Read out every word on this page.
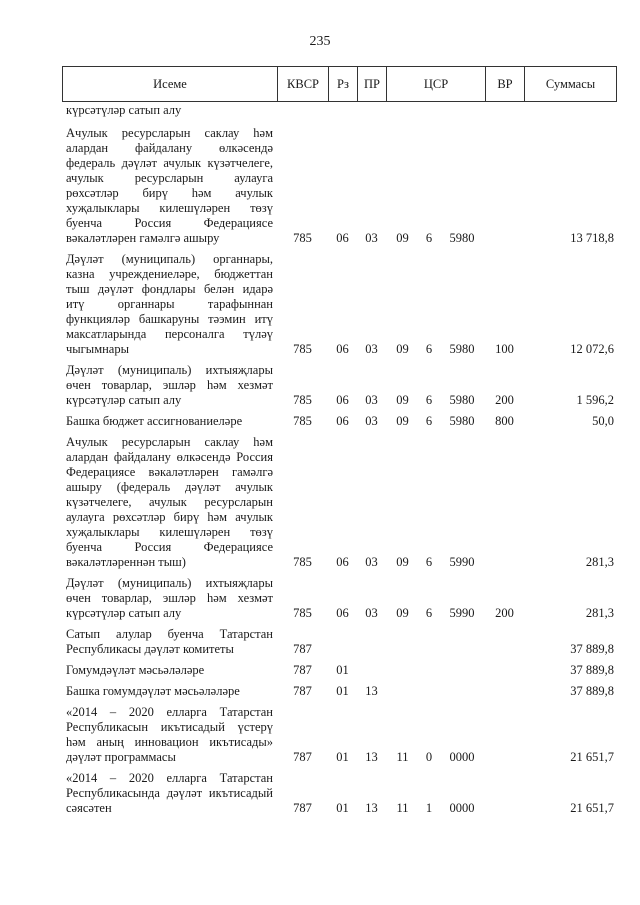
235
Исеме	КВСР	Рз	ПР	ЦСР	ВР	Суммасы
күрсәтүләр сатып алу								
Ачулык ресурсларын саклау һәм алардан файдалану өлкәсендә федераль дәүләт ачулык күзәтчелеге, ачулык ресурсларын аулауга рөхсәтләр бирү һәм ачулык хуҗалыклары килешүләрен төзү буенча Россия Федерациясе вәкаләтләрен гамәлгә ашыру	785	06	03	09	6	5980		13 718,8
Дәүләт (муниципаль) органнары, казна учреждениеләре, бюджеттан тыш дәүләт фондлары белән идарә итү органнары тарафыннан функцияләр башкаруны тәэмин итү максатларында персоналга түләү чыгымнары	785	06	03	09	6	5980	100	12 072,6
Дәүләт (муниципаль) ихтыяҗлары өчен товарлар, эшләр һәм хезмәт күрсәтүләр сатып алу	785	06	03	09	6	5980	200	1 596,2
Башка бюджет ассигнованиеләре	785	06	03	09	6	5980	800	50,0
Ачулык ресурсларын саклау һәм алардан файдалану өлкәсендә Россия Федерациясе вәкаләтләрен гамәлгә ашыру (федераль дәүләт ачулык күзәтчелеге, ачулык ресурсларын аулауга рөхсәтләр бирү һәм ачулык хуҗалыклары килешүләрен төзү буенча Россия Федерациясе вәкаләтләреннән тыш)	785	06	03	09	6	5990		281,3
Дәүләт (муниципаль) ихтыяҗлары өчен товарлар, эшләр һәм хезмәт күрсәтүләр сатып алу	785	06	03	09	6	5990	200	281,3
Сатып алулар буенча Татарстан Республикасы дәүләт комитеты	787							37 889,8
Гомумдәүләт мәсьәләләре	787	01						37 889,8
Башка гомумдәүләт мәсьәләләре	787	01	13					37 889,8
«2014 – 2020 елларга Татарстан Республикасын икътисадый үстерү һәм аның инновацион икътисады» дәүләт программасы	787	01	13	11	0	0000		21 651,7
«2014 – 2020 елларга Татарстан Республикасында дәүләт икътисадый сәясәтен	787	01	13	11	1	0000		21 651,7
